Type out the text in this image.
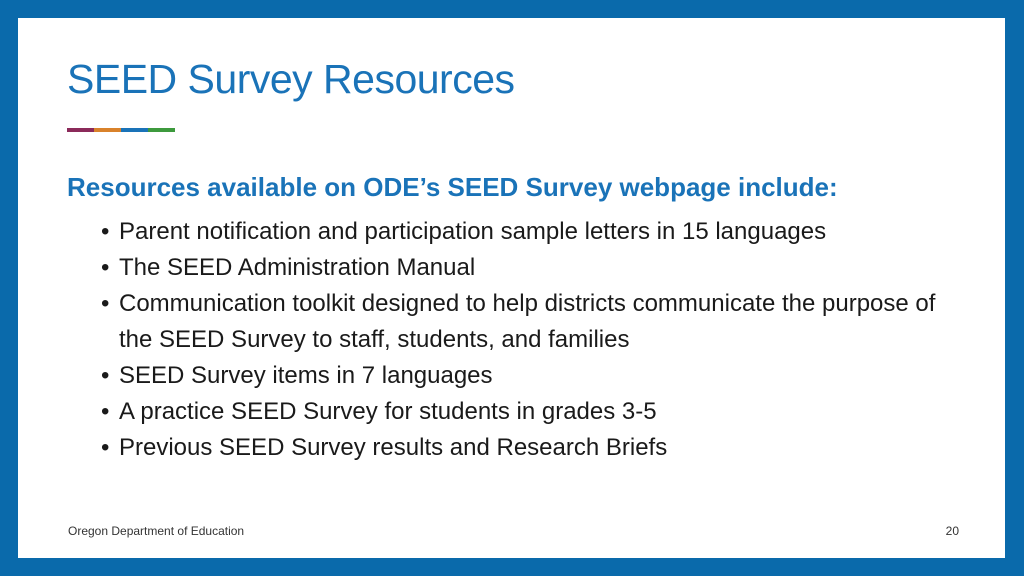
SEED Survey Resources
Resources available on ODE’s SEED Survey webpage include:
• Parent notification and participation sample letters in 15 languages
• The SEED Administration Manual
• Communication toolkit designed to help districts communicate the purpose of the SEED Survey to staff, students, and families
• SEED Survey items in 7 languages
• A practice SEED Survey for students in grades 3-5
• Previous SEED Survey results and Research Briefs
Oregon Department of Education	20
